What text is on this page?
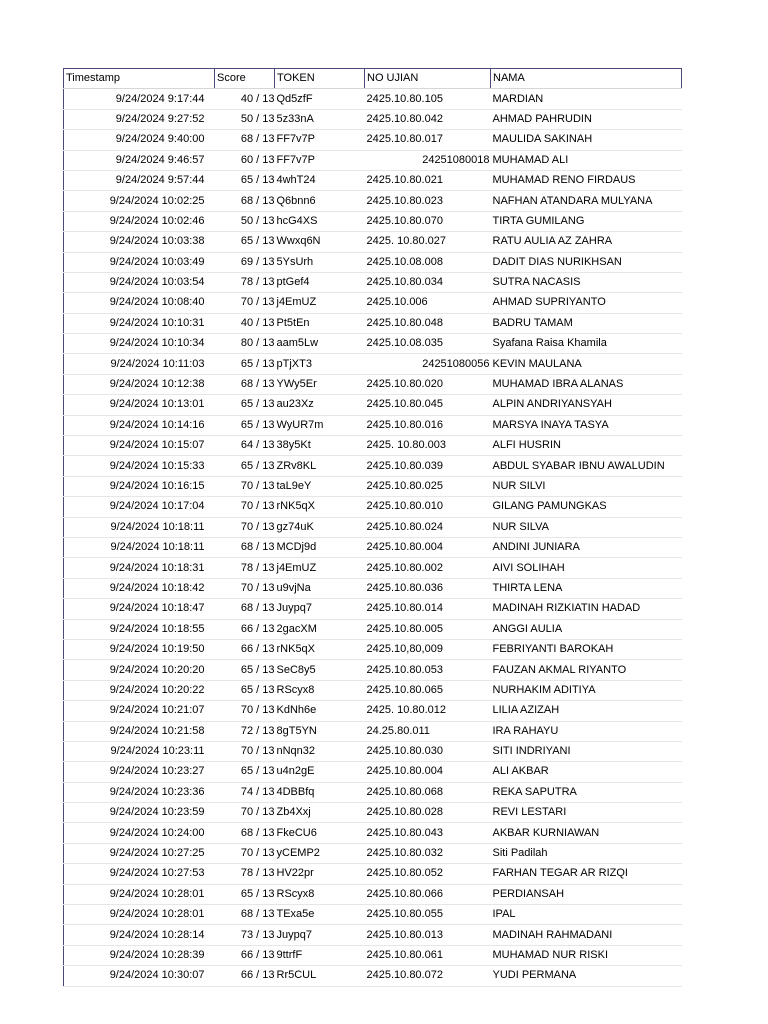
Timestamp	Score	TOKEN	NO UJIAN	NAMA
9/24/2024 9:17:44	40 / 13	Qd5zfF	2425.10.80.105	MARDIAN
9/24/2024 9:27:52	50 / 13	5z33nA	2425.10.80.042	AHMAD PAHRUDIN
9/24/2024 9:40:00	68 / 13	FF7v7P	2425.10.80.017	MAULIDA SAKINAH
9/24/2024 9:46:57	60 / 13	FF7v7P	24251080018	MUHAMAD ALI
9/24/2024 9:57:44	65 / 13	4whT24	2425.10.80.021	MUHAMAD RENO FIRDAUS
9/24/2024 10:02:25	68 / 13	Q6bnn6	2425.10.80.023	NAFHAN ATANDARA MULYANA
9/24/2024 10:02:46	50 / 13	hcG4XS	2425.10.80.070	TIRTA GUMILANG
9/24/2024 10:03:38	65 / 13	Wwxq6N	2425. 10.80.027	RATU AULIA AZ ZAHRA
9/24/2024 10:03:49	69 / 13	5YsUrh	2425.10.08.008	DADIT DIAS NURIKHSAN
9/24/2024 10:03:54	78 / 13	ptGef4	2425.10.80.034	SUTRA NACASIS
9/24/2024 10:08:40	70 / 13	j4EmUZ	2425.10.006	AHMAD SUPRIYANTO
9/24/2024 10:10:31	40 / 13	Pt5tEn	2425.10.80.048	BADRU TAMAM
9/24/2024 10:10:34	80 / 13	aam5Lw	2425.10.08.035	Syafana Raisa Khamila
9/24/2024 10:11:03	65 / 13	pTjXT3	24251080056	KEVIN MAULANA
9/24/2024 10:12:38	68 / 13	YWy5Er	2425.10.80.020	MUHAMAD IBRA ALANAS
9/24/2024 10:13:01	65 / 13	au23Xz	2425.10.80.045	ALPIN ANDRIYANSYAH
9/24/2024 10:14:16	65 / 13	WyUR7m	2425.10.80.016	MARSYA INAYA TASYA
9/24/2024 10:15:07	64 / 13	38y5Kt	2425. 10.80.003	ALFI HUSRIN
9/24/2024 10:15:33	65 / 13	ZRv8KL	2425.10.80.039	ABDUL SYABAR IBNU AWALUDIN
9/24/2024 10:16:15	70 / 13	taL9eY	2425.10.80.025	NUR SILVI
9/24/2024 10:17:04	70 / 13	rNK5qX	2425.10.80.010	GILANG PAMUNGKAS
9/24/2024 10:18:11	70 / 13	gz74uK	2425.10.80.024	NUR SILVA
9/24/2024 10:18:11	68 / 13	MCDj9d	2425.10.80.004	ANDINI JUNIARA
9/24/2024 10:18:31	78 / 13	j4EmUZ	2425.10.80.002	AIVI SOLIHAH
9/24/2024 10:18:42	70 / 13	u9vjNa	2425.10.80.036	THIRTA LENA
9/24/2024 10:18:47	68 / 13	Juypq7	2425.10.80.014	MADINAH RIZKIATIN HADAD
9/24/2024 10:18:55	66 / 13	2gacXM	2425.10.80.005	ANGGI AULIA
9/24/2024 10:19:50	66 / 13	rNK5qX	2425.10,80,009	FEBRIYANTI BAROKAH
9/24/2024 10:20:20	65 / 13	SeC8y5	2425.10.80.053	FAUZAN AKMAL RIYANTO
9/24/2024 10:20:22	65 / 13	RScyx8	2425.10.80.065	NURHAKIM ADITIYA
9/24/2024 10:21:07	70 / 13	KdNh6e	2425. 10.80.012	LILIA AZIZAH
9/24/2024 10:21:58	72 / 13	8gT5YN	24.25.80.011	IRA RAHAYU
9/24/2024 10:23:11	70 / 13	nNqn32	2425.10.80.030	SITI INDRIYANI
9/24/2024 10:23:27	65 / 13	u4n2gE	2425.10.80.004	ALI AKBAR
9/24/2024 10:23:36	74 / 13	4DBBfq	2425.10.80.068	REKA SAPUTRA
9/24/2024 10:23:59	70 / 13	Zb4Xxj	2425.10.80.028	REVI LESTARI
9/24/2024 10:24:00	68 / 13	FkeCU6	2425.10.80.043	AKBAR KURNIAWAN
9/24/2024 10:27:25	70 / 13	yCEMP2	2425.10.80.032	Siti Padilah
9/24/2024 10:27:53	78 / 13	HV22pr	2425.10.80.052	FARHAN TEGAR AR RIZQI
9/24/2024 10:28:01	65 / 13	RScyx8	2425.10.80.066	PERDIANSAH
9/24/2024 10:28:01	68 / 13	TExa5e	2425.10.80.055	IPAL
9/24/2024 10:28:14	73 / 13	Juypq7	2425.10.80.013	MADINAH RAHMADANI
9/24/2024 10:28:39	66 / 13	9ttrfF	2425.10.80.061	MUHAMAD NUR RISKI
9/24/2024 10:30:07	66 / 13	Rr5CUL	2425.10.80.072	YUDI PERMANA
